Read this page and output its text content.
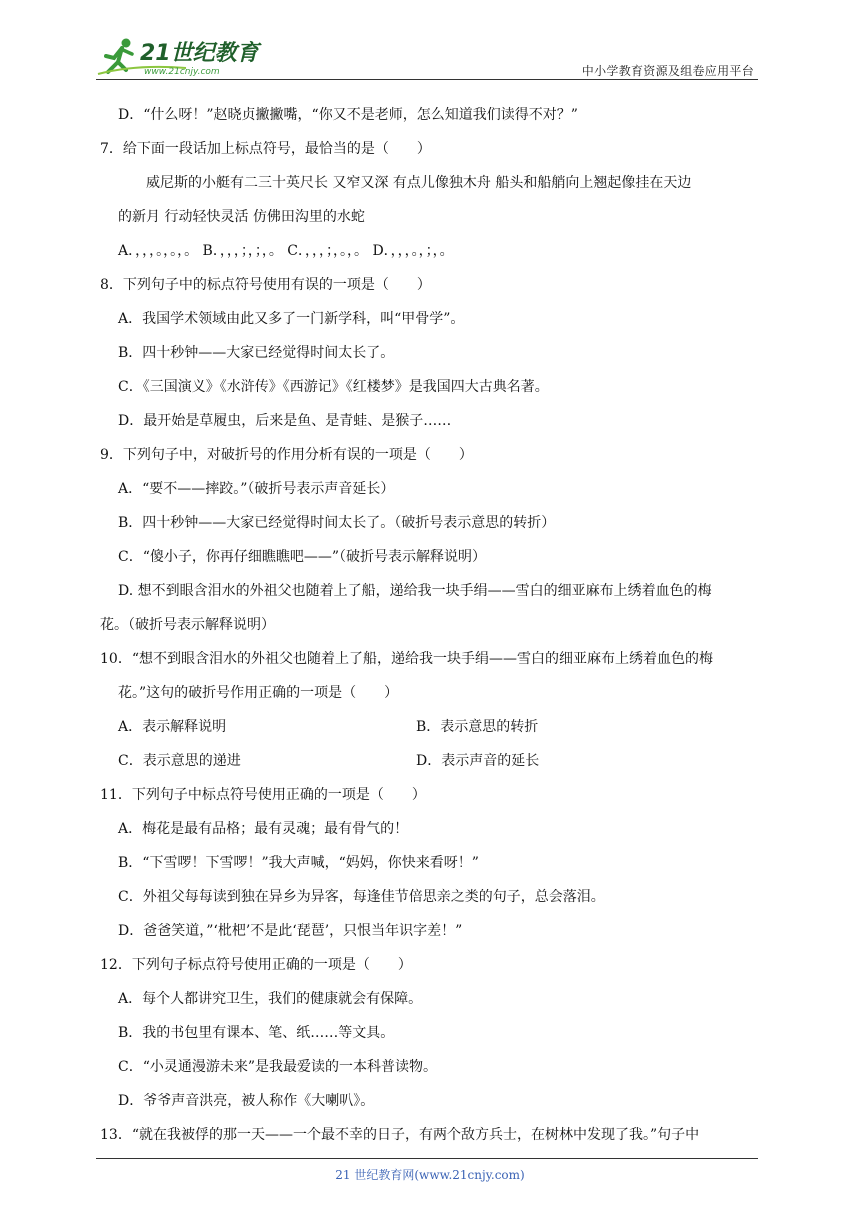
21世纪教育
www.21cnjy.com	中小学教育资源及组卷应用平台
D．“什么呀！”赵晓贞撇撇嘴，“你又不是老师，怎么知道我们读得不对？”
7．给下面一段话加上标点符号，最恰当的是（　　）
威尼斯的小艇有二三十英尺长 又窄又深 有点儿像独木舟 船头和船艄向上翘起像挂在天边
的新月 行动轻快灵活 仿佛田沟里的水蛇
A．，，，。，。，。 B．，，，；，；，。 C．，，，；，。，。 D．，，，。，；，。
8．下列句子中的标点符号使用有误的一项是（　　）
A．我国学术领域由此又多了一门新学科，叫“甲骨学”。
B．四十秒钟——大家已经觉得时间太长了。
C．《三国演义》《水浒传》《西游记》《红楼梦》是我国四大古典名著。
D．最开始是草履虫，后来是鱼、是青蛙、是猴子……
9．下列句子中，对破折号的作用分析有误的一项是（　　）
A．“要不——摔跤。”（破折号表示声音延长）
B．四十秒钟——大家已经觉得时间太长了。（破折号表示意思的转折）
C．“傻小子，你再仔细瞧瞧吧——”（破折号表示解释说明）
D. 想不到眼含泪水的外祖父也随着上了船，递给我一块手绢——雪白的细亚麻布上绣着血色的梅
花。（破折号表示解释说明）
10．“想不到眼含泪水的外祖父也随着上了船，递给我一块手绢——雪白的细亚麻布上绣着血色的梅
花。”这句的破折号作用正确的一项是（　　）
A．表示解释说明	B．表示意思的转折
C．表示意思的递进	D．表示声音的延长
11．下列句子中标点符号使用正确的一项是（　　）
A．梅花是最有品格；最有灵魂；最有骨气的！
B．“下雪啰！下雪啰！”我大声喊，“妈妈，你快来看呀！”
C．外祖父每每读到独在异乡为异客，每逢佳节倍思亲之类的句子，总会落泪。
D．爸爸笑道，”‘枇杷’不是此‘琵琶’，只恨当年识字差！”
12．下列句子标点符号使用正确的一项是（　　）
A．每个人都讲究卫生，我们的健康就会有保障。
B．我的书包里有课本、笔、纸……等文具。
C．“小灵通漫游未来”是我最爱读的一本科普读物。
D．爷爷声音洪亮，被人称作《大喇叭》。
13．“就在我被俘的那一天——一个最不幸的日子，有两个敌方兵士，在树林中发现了我。”句子中
21 世纪教育网(www.21cnjy.com)
